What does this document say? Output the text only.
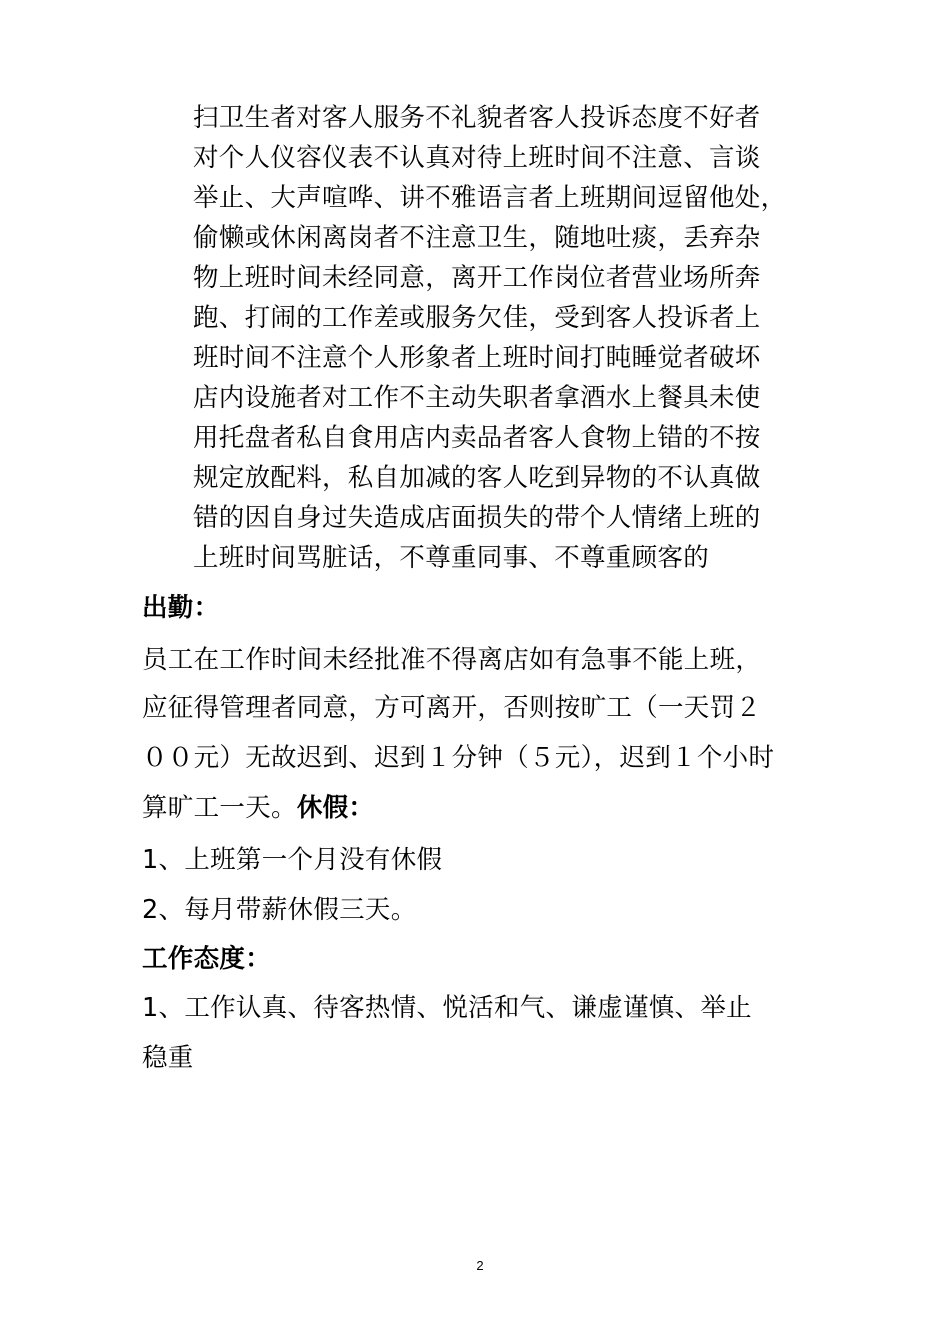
扫卫生者对客人服务不礼貌者客人投诉态度不好者
对个人仪容仪表不认真对待上班时间不注意、言谈
举止、大声喧哗、讲不雅语言者上班期间逗留他处，
偷懒或休闲离岗者不注意卫生，随地吐痰，丢弃杂
物上班时间未经同意，离开工作岗位者营业场所奔
跑、打闹的工作差或服务欠佳，受到客人投诉者上
班时间不注意个人形象者上班时间打盹睡觉者破坏
店内设施者对工作不主动失职者拿酒水上餐具未使
用托盘者私自食用店内卖品者客人食物上错的不按
规定放配料，私自加减的客人吃到异物的不认真做
错的因自身过失造成店面损失的带个人情绪上班的
上班时间骂脏话，不尊重同事、不尊重顾客的
出勤：
员工在工作时间未经批准不得离店如有急事不能上班，
应征得管理者同意，方可离开，否则按旷工（一天罚２
００元）无故迟到、迟到１分钟（５元），迟到１个小时
算旷工一天。休假：
1、上班第一个月没有休假
2、每月带薪休假三天。
工作态度：
1、工作认真、待客热情、悦活和气、谦虚谨慎、举止
稳重
2
